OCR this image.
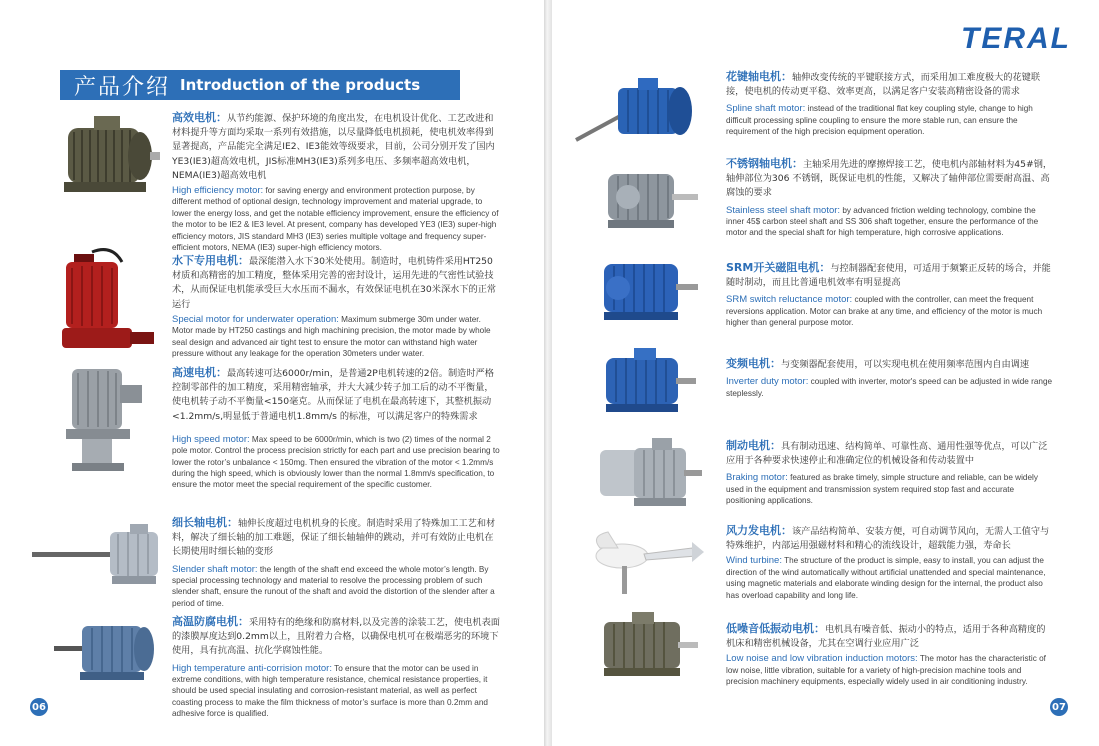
产品介绍 Introduction of the products

高效电机：从节约能源、保护环境的角度出发，在电机设计优化、工艺改进和材料提升等方面均采取一系列有效措施，以尽量降低电机损耗，使电机效率得到显著提高，产品能完全满足IE2、IE3能效等级要求，目前，公司分别开发了国内YE3(IE3)超高效电机，JIS标准MH3(IE3)系列多电压、多频率超高效电机，NEMA(IE3)超高效电机

High efficiency motor: for saving energy and environment protection purpose, by different method of optional design, technology improvement and material upgrade, to lower the energy loss, and get the notable efficiency improvement, ensure the efficiency of the motor to be IE2 & IE3 level. At present, company has developed YE3 (IE3) super-high efficiency motors, JIS standard MH3 (IE3) series multiple voltage and frequency super-efficient motors, NEMA (IE3) super-high efficiency motors.

水下专用电机：最深能潜入水下30米处使用。制造时，电机铸件采用HT250材质和高精密的加工精度，整体采用完善的密封设计，运用先进的气密性试验技术，从而保证电机能承受巨大水压而不漏水，有效保证电机在30米深水下的正常运行

Special motor for underwater operation: Maximum submerge 30m under water. Motor made by HT250 castings and high machining precision, the motor made by whole seal design and advanced air tight test to ensure the motor can withstand high water pressure without any leakage for the operation 30meters under water.

高速电机：最高转速可达6000r/min，是普通2P电机转速的2倍。制造时严格控制零部件的加工精度，采用精密轴承，并大大减少转子加工后的动不平衡量，使电机转子动不平衡量<150毫克。从而保证了电机在最高转速下，其整机振动<1.2mm/s,明显低于普通电机1.8mm/s 的标准，可以满足客户的特殊需求

High speed motor: Max speed to be 6000r/min, which is two (2) times of the normal 2 pole motor. Control the process precision strictly for each part and use precision bearing to lower the rotor’s unbalance < 150mg. Then ensured the vibration of the motor < 1.2mm/s during the high speed, which is obviously lower than the normal 1.8mm/s specification, to ensure the motor meet the special requirement of the specific customer.

细长轴电机：轴伸长度超过电机机身的长度。制造时采用了特殊加工工艺和材料，解决了细长轴的加工难题，保证了细长轴轴伸的跳动，并可有效防止电机在长期使用时细长轴的变形

Slender shaft motor: the length of the shaft end exceed the whole motor’s length. By special processing technology and material to resolve the processing problem of such slender shaft, ensure the runout of the shaft and avoid the distortion of the slender after a period of time.

高温防腐电机：采用特有的绝缘和防腐材料,以及完善的涂装工艺，使电机表面的漆膜厚度达到0.2mm以上，且附着力合格，以确保电机可在极端恶劣的环境下使用，具有抗高温、抗化学腐蚀性能。

High temperature anti-corrision motor: To ensure that the motor can be used in extreme conditions, with high temperature resistance, chemical resistance properties, it should be used special insulating and corrosion-resistant material, as well as perfect coasting process to make the film thickness of motor’s surface is more than 0.2mm and adhesive force is qualified.

06
TERAL

花键轴电机：轴伸改变传统的平键联接方式，而采用加工难度极大的花键联接，使电机的传动更平稳、效率更高，以满足客户安装高精密设备的需求

Spline shaft motor: instead of the traditional flat key coupling style, change to high difficult processing spline coupling to ensure the more stable run, can ensure the requirement of the high precision equipment operation.

不锈钢轴电机：主轴采用先进的摩擦焊接工艺，使电机内部轴材料为45#钢，轴伸部位为306 不锈钢，既保证电机的性能，又解决了轴伸部位需要耐高温、高腐蚀的要求

Stainless steel shaft motor: by advanced friction welding technology, combine the inner 45$ carbon steel shaft and SS 306 shaft together, ensure the performance of the motor and the special shaft for high temperature, high corrosive applications.

SRM开关磁阻电机：与控制器配套使用，可适用于频繁正反转的场合，并能随时制动，而且比普通电机效率有明显提高

SRM switch reluctance motor: coupled with the controller, can meet the frequent reversions application. Motor can brake at any time, and efficiency of the motor is much higher than general purpose motor.

变频电机：与变频器配套使用，可以实现电机在使用频率范围内自由调速

Inverter duty motor: coupled with inverter, motor's speed can be adjusted in wide range steplessly.

制动电机：具有制动迅速、结构简单、可靠性高、通用性强等优点，可以广泛应用于各种要求快速停止和准确定位的机械设备和传动装置中

Braking motor: featured as brake timely, simple structure and reliable, can be widely used in the equipment and transmission system required stop fast and accurate positioning applications.

风力发电机：该产品结构简单、安装方便，可自动调节风向，无需人工值守与特殊维护，内部运用强磁材料和精心的流线设计，超载能力强，寿命长

Wind turbine: The structure of the product is simple, easy to install, you can adjust the direction of the wind automatically without artificial unattended and special maintenance, using magnetic materials and elaborate winding design for the internal, the product also has overload capability and long life.

低噪音低振动电机：电机具有噪音低、振动小的特点，适用于各种高精度的机床和精密机械设备，尤其在空调行业应用广泛

Low noise and low vibration induction motors: The motor has the characteristic of low noise, little vibration, suitable for a variety of high-precision machine tools and precision machinery equipments, especially widely used in air conditioning industry.

07
